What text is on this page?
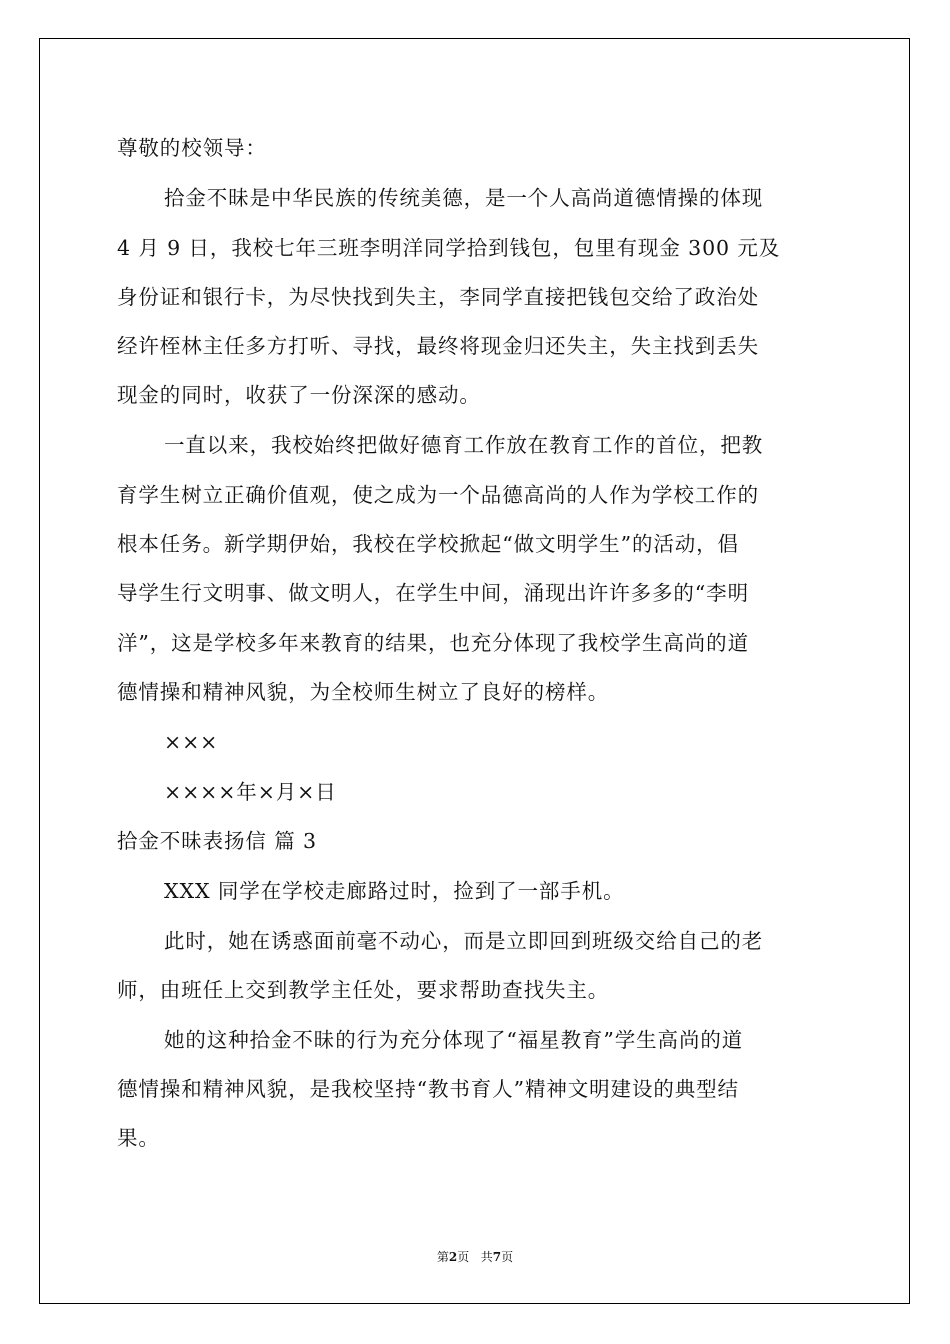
尊敬的校领导：
拾金不昧是中华民族的传统美德，是一个人高尚道德情操的体现
4 月 9 日，我校七年三班李明洋同学拾到钱包，包里有现金 300 元及
身份证和银行卡，为尽快找到失主，李同学直接把钱包交给了政治处
经许桎林主任多方打听、寻找，最终将现金归还失主，失主找到丢失
现金的同时，收获了一份深深的感动。
一直以来，我校始终把做好德育工作放在教育工作的首位，把教
育学生树立正确价值观，使之成为一个品德高尚的人作为学校工作的
根本任务。新学期伊始，我校在学校掀起“做文明学生”的活动，倡
导学生行文明事、做文明人，在学生中间，涌现出许许多多的“李明
洋”，这是学校多年来教育的结果，也充分体现了我校学生高尚的道
德情操和精神风貌，为全校师生树立了良好的榜样。
×××
××××年×月×日
拾金不昧表扬信 篇 3
XXX 同学在学校走廊路过时，捡到了一部手机。
此时，她在诱惑面前毫不动心，而是立即回到班级交给自己的老
师，由班任上交到教学主任处，要求帮助查找失主。
她的这种拾金不昧的行为充分体现了“福星教育”学生高尚的道
德情操和精神风貌，是我校坚持“教书育人”精神文明建设的典型结
果。
第2页 共7页
